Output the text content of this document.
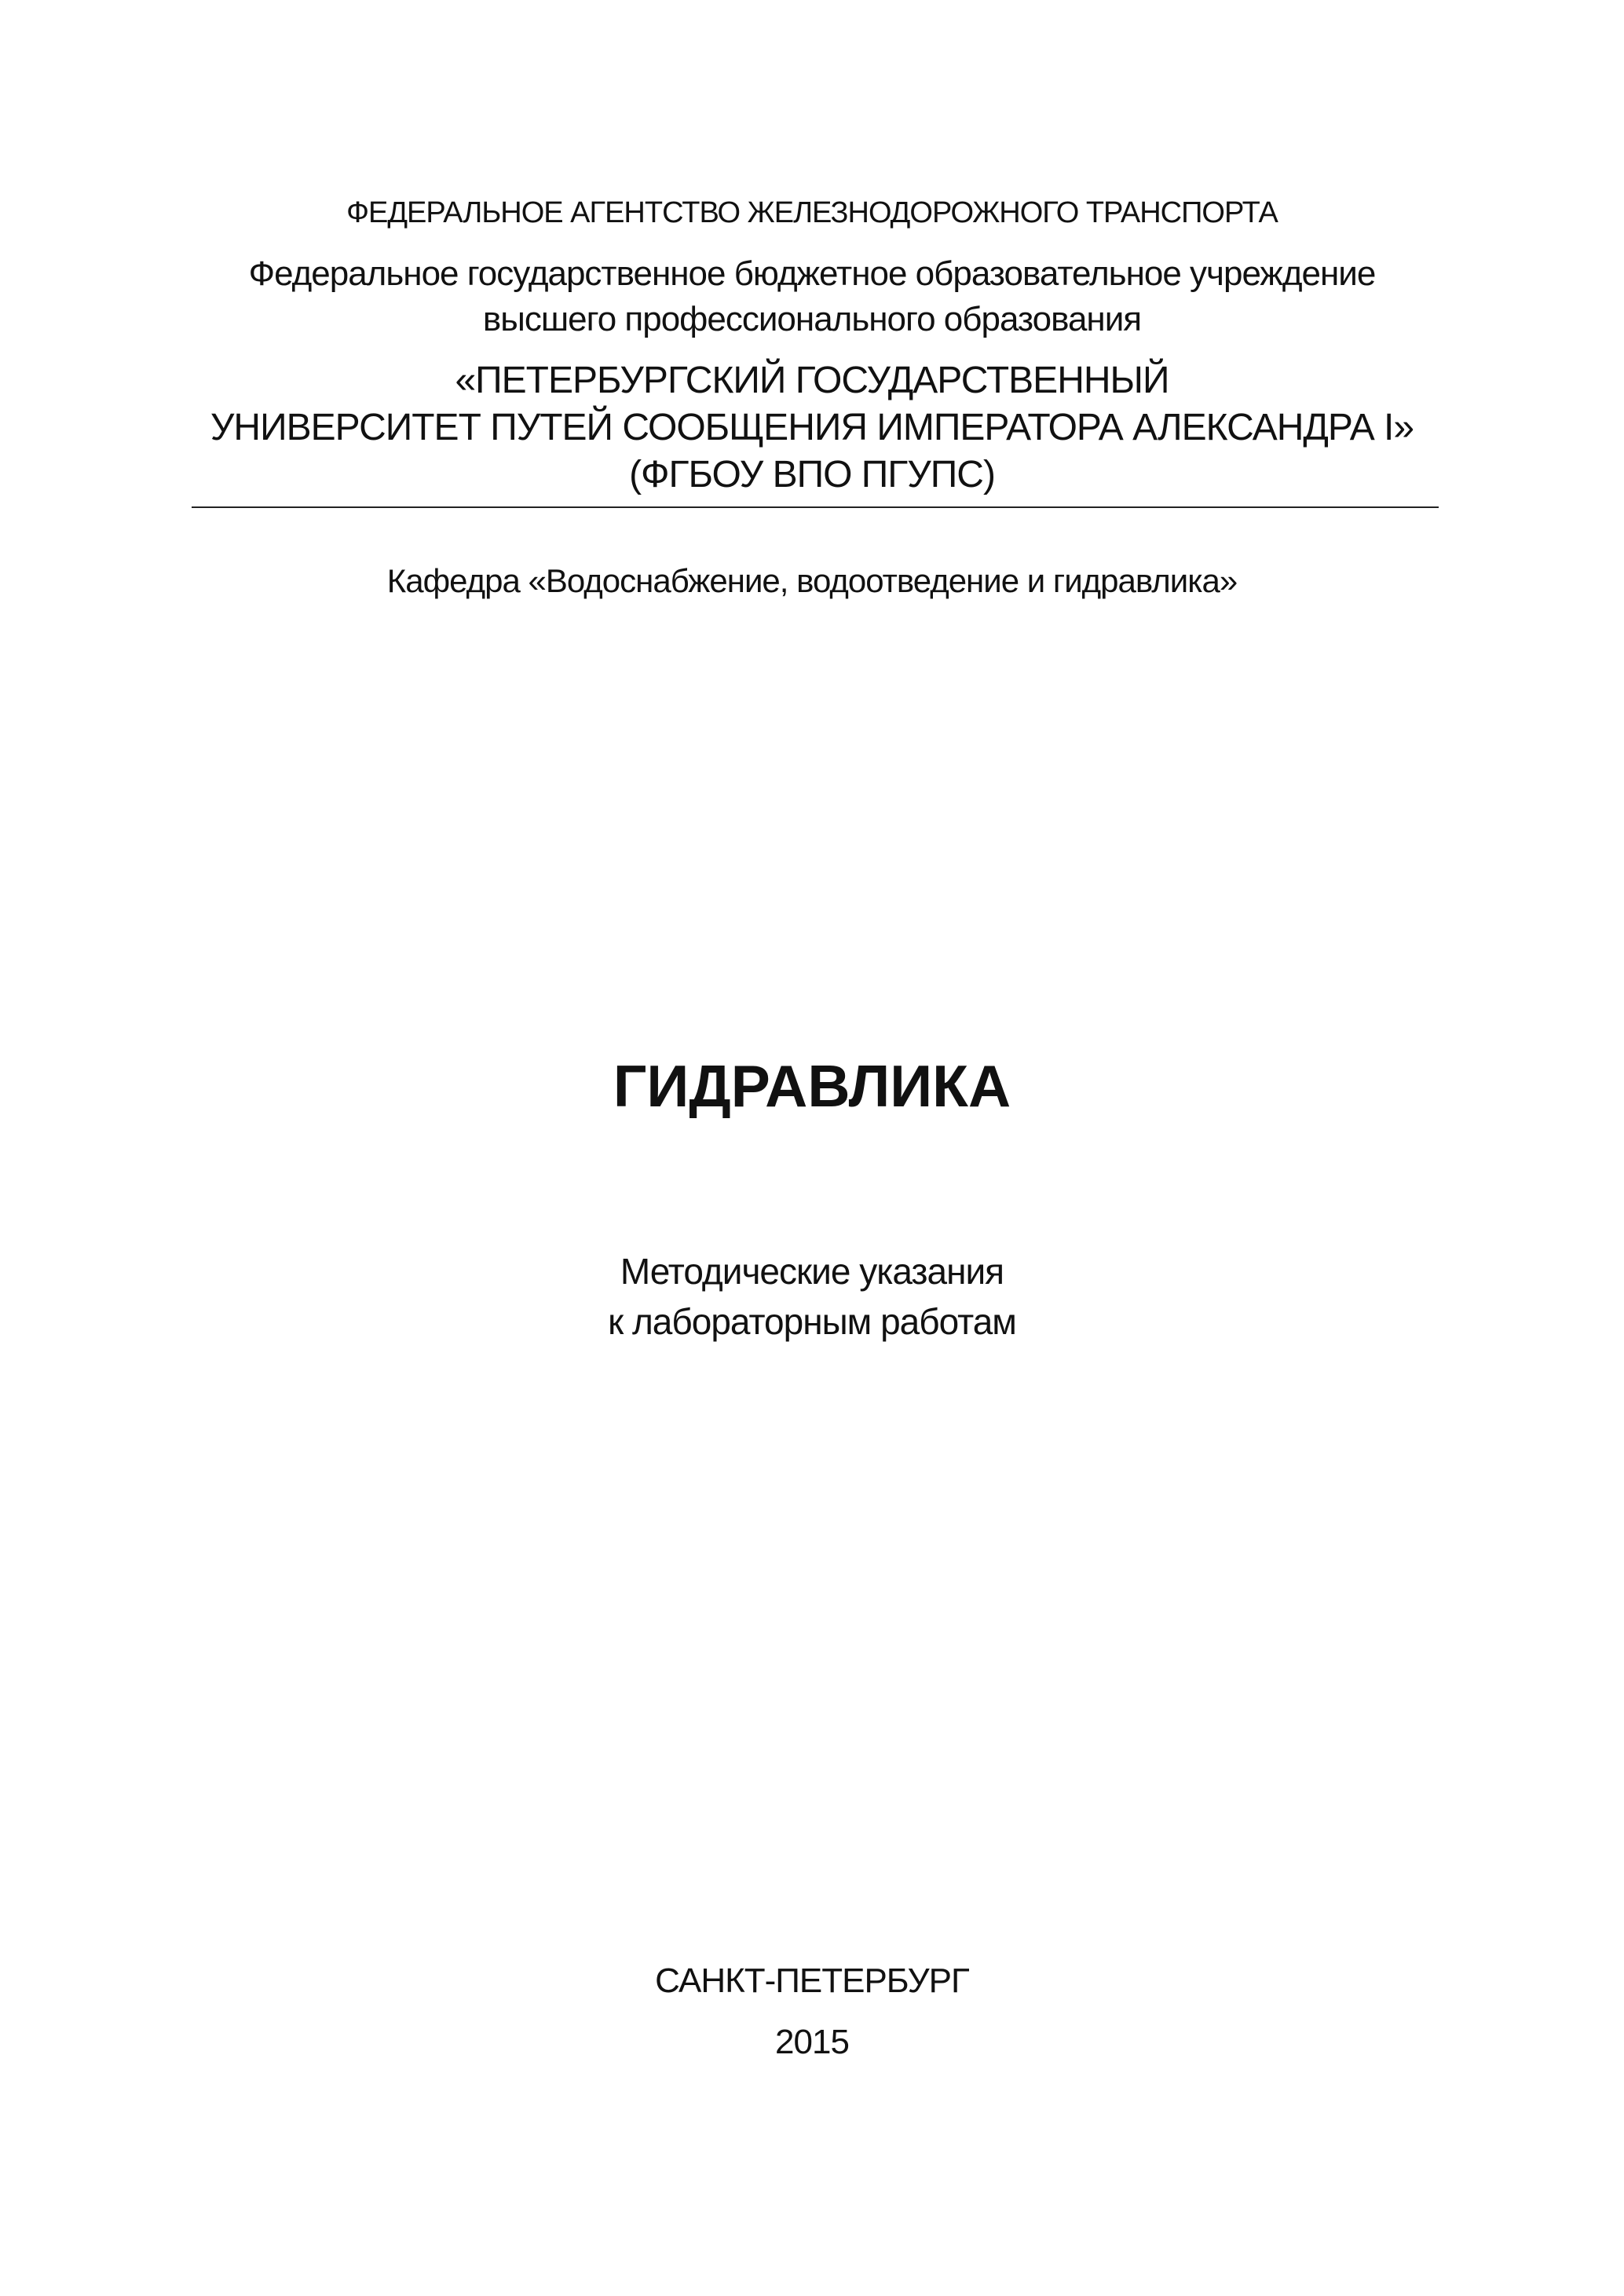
ФЕДЕРАЛЬНОЕ АГЕНТСТВО ЖЕЛЕЗНОДОРОЖНОГО ТРАНСПОРТА
Федеральное государственное бюджетное образовательное учреждение
высшего профессионального образования
«ПЕТЕРБУРГСКИЙ ГОСУДАРСТВЕННЫЙ
УНИВЕРСИТЕТ ПУТЕЙ СООБЩЕНИЯ ИМПЕРАТОРА АЛЕКСАНДРА I»
(ФГБОУ ВПО ПГУПС)
Кафедра «Водоснабжение, водоотведение и гидравлика»
ГИДРАВЛИКА
Методические указания
к лабораторным работам
САНКТ-ПЕТЕРБУРГ
2015
